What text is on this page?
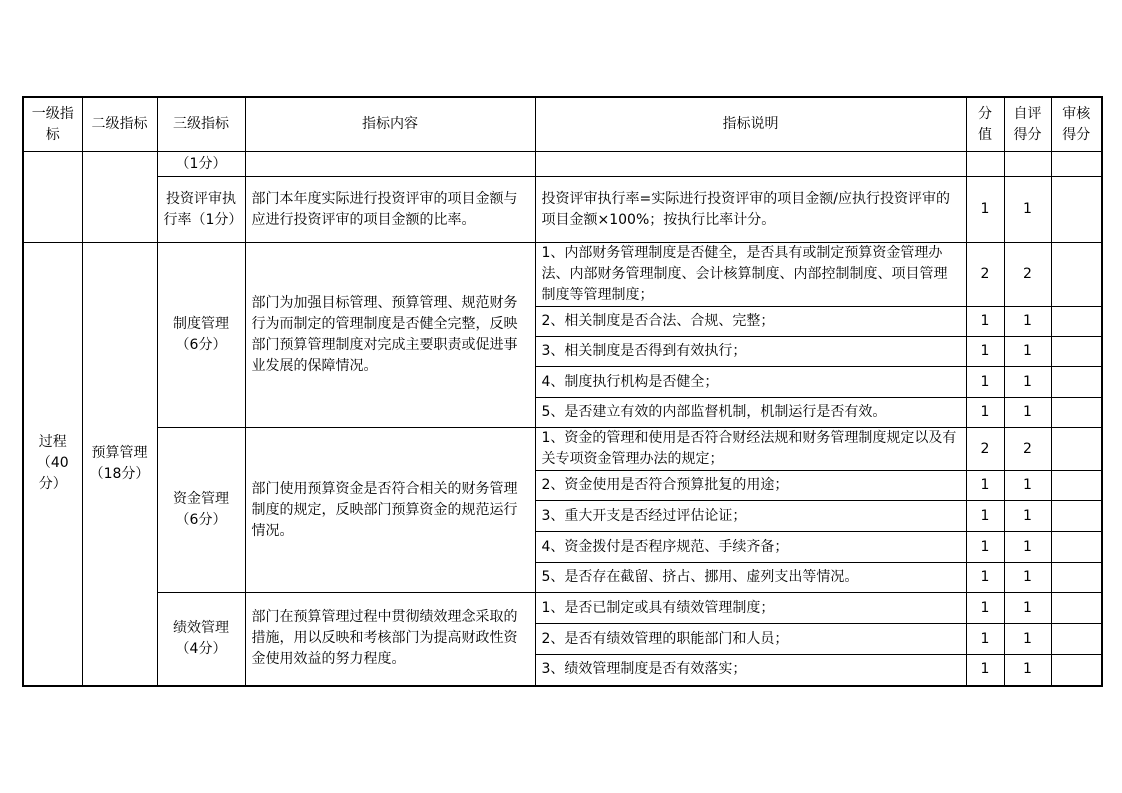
一级指标	二级指标	三级指标	指标内容	指标说明	分值	自评得分	审核得分
		（1分）					
		投资评审执行率（1分）	部门本年度实际进行投资评审的项目金额与应进行投资评审的项目金额的比率。	投资评审执行率=实际进行投资评审的项目金额/应执行投资评审的项目金额×100%；按执行比率计分。	1	1	
过程（40分）	预算管理（18分）	制度管理（6分）	部门为加强目标管理、预算管理、规范财务行为而制定的管理制度是否健全完整，反映部门预算管理制度对完成主要职责或促进事业发展的保障情况。	1、内部财务管理制度是否健全，是否具有或制定预算资金管理办法、内部财务管理制度、会计核算制度、内部控制制度、项目管理制度等管理制度；	2	2	
				2、相关制度是否合法、合规、完整；	1	1	
				3、相关制度是否得到有效执行；	1	1	
				4、制度执行机构是否健全；	1	1	
				5、是否建立有效的内部监督机制，机制运行是否有效。	1	1	
		资金管理（6分）	部门使用预算资金是否符合相关的财务管理制度的规定，反映部门预算资金的规范运行情况。	1、资金的管理和使用是否符合财经法规和财务管理制度规定以及有关专项资金管理办法的规定；	2	2	
				2、资金使用是否符合预算批复的用途；	1	1	
				3、重大开支是否经过评估论证；	1	1	
				4、资金拨付是否程序规范、手续齐备；	1	1	
				5、是否存在截留、挤占、挪用、虚列支出等情况。	1	1	
		绩效管理（4分）	部门在预算管理过程中贯彻绩效理念采取的措施，用以反映和考核部门为提高财政性资金使用效益的努力程度。	1、是否已制定或具有绩效管理制度；	1	1	
				2、是否有绩效管理的职能部门和人员；	1	1	
				3、绩效管理制度是否有效落实；	1	1	
